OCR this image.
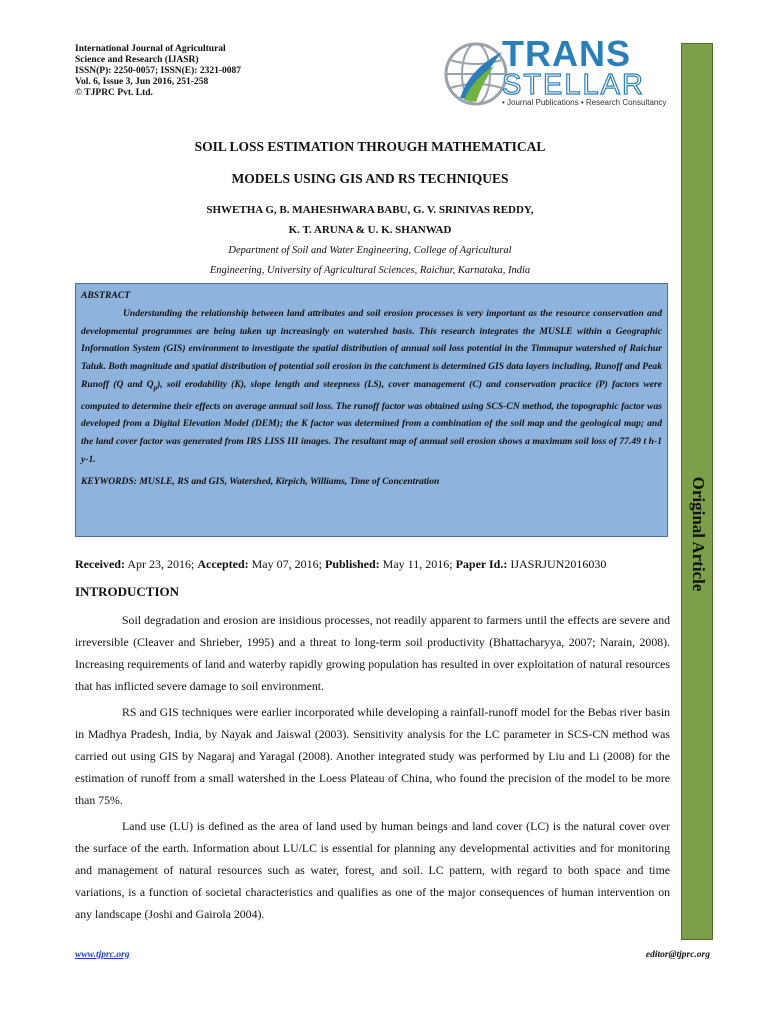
International Journal of Agricultural
Science and Research (IJASR)
ISSN(P): 2250-0057; ISSN(E): 2321-0087
Vol. 6, Issue 3, Jun 2016, 251-258
© TJPRC Pvt. Ltd.
TRANS
STELLAR
• Journal Publications • Research Consultancy
Original Article
SOIL LOSS ESTIMATION THROUGH MATHEMATICAL
MODELS USING GIS AND RS TECHNIQUES
SHWETHA G, B. MAHESHWARA BABU, G. V. SRINIVAS REDDY,
K. T. ARUNA & U. K. SHANWAD
Department of Soil and Water Engineering, College of Agricultural
Engineering, University of Agricultural Sciences, Raichur, Karnataka, India

ABSTRACT

Understanding the relationship between land attributes and soil erosion processes is very important as the resource conservation and developmental programmes are being taken up increasingly on watershed basis. This research integrates the MUSLE within a Geographic Information System (GIS) environment to investigate the spatial distribution of annual soil loss potential in the Timmapur watershed of Raichur Taluk. Both magnitude and spatial distribution of potential soil erosion in the catchment is determined GIS data layers including, Runoff and Peak Runoff (Q and $Q_p$), soil erodability (K), slope length and steepness (LS), cover management (C) and conservation practice (P) factors were computed to determine their effects on average annual soil loss. The runoff factor was obtained using SCS-CN method, the topographic factor was developed from a Digital Elevation Model (DEM); the K factor was determined from a combination of the soil map and the geological map; and the land cover factor was generated from IRS LISS III images. The resultant map of annual soil erosion shows a maximum soil loss of 77.49 t h-1 y-1.

KEYWORDS: MUSLE, RS and GIS, Watershed, Kirpich, Williams, Time of Concentration

Received: Apr 23, 2016; Accepted: May 07, 2016; Published: May 11, 2016; Paper Id.: IJASRJUN2016030
INTRODUCTION

Soil degradation and erosion are insidious processes, not readily apparent to farmers until the effects are severe and irreversible (Cleaver and Shrieber, 1995) and a threat to long-term soil productivity (Bhattacharyya, 2007; Narain, 2008). Increasing requirements of land and waterby rapidly growing population has resulted in over exploitation of natural resources that has inflicted severe damage to soil environment.

RS and GIS techniques were earlier incorporated while developing a rainfall-runoff model for the Bebas river basin in Madhya Pradesh, India, by Nayak and Jaiswal (2003). Sensitivity analysis for the LC parameter in SCS-CN method was carried out using GIS by Nagaraj and Yaragal (2008). Another integrated study was performed by Liu and Li (2008) for the estimation of runoff from a small watershed in the Loess Plateau of China, who found the precision of the model to be more than 75%.

Land use (LU) is defined as the area of land used by human beings and land cover (LC) is the natural cover over the surface of the earth. Information about LU/LC is essential for planning any developmental activities and for monitoring and management of natural resources such as water, forest, and soil. LC pattern, with regard to both space and time variations, is a function of societal characteristics and qualifies as one of the major consequences of human intervention on any landscape (Joshi and Gairola 2004).

www.tjprc.org	editor@tjprc.org
